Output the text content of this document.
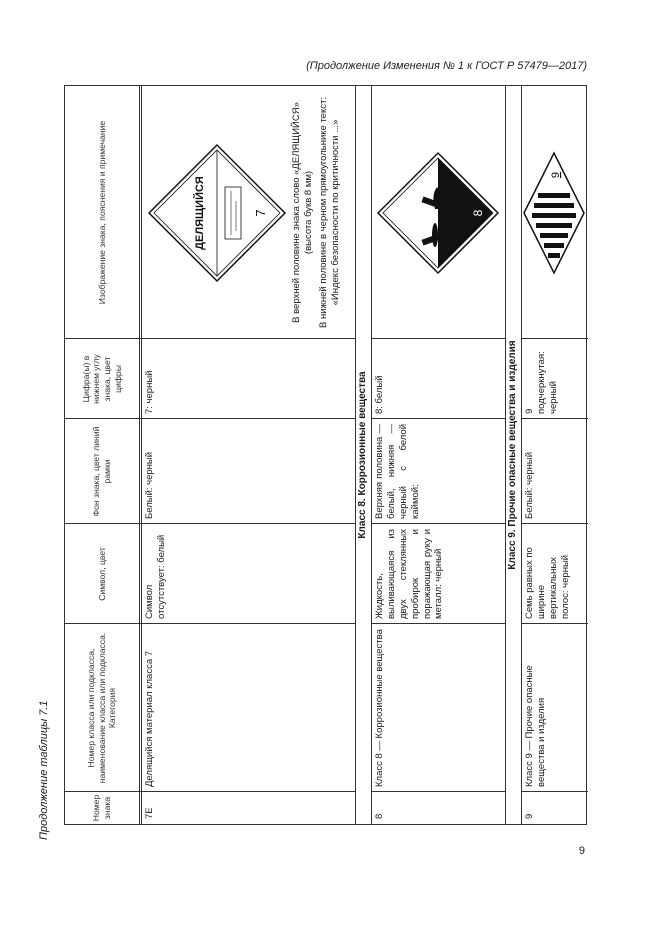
(Продолжение Изменения № 1 к ГОСТ Р 57479—2017)
Продолжение таблицы 7.1
9
Номер знака
Номер класса или подкласса, наименование класса или подкласса. Категория
Символ, цвет
Фон знака, цвет линий рамки
Цифра(ы) в нижнем углу знака, цвет цифры
Изображение знака, пояснения и примечание
7Е
Делящийся материал класса 7
Символ отсутствует: белый
Белый: черный
7: черный
ДЕЛЯЩИЙСЯ	7 В верхней половине знака слово «ДЕЛЯЩИЙСЯ» (высота букв 8 мм) В нижней половине в черном прямоугольнике текст: «Индекс безопасности по критичности ...»
Класс 8. Коррозионные вещества
8
Класс 8 — Коррозионные вещества
Жидкость, выливающаяся из двух стеклянных пробирок и поражающая руку и металл: черный
Верхняя половина — белый, нижняя — черный с белой каймой:
8: белый
8
Класс 9. Прочие опасные вещества и изделия
9
Класс 9 — Прочие опасные вещества и изделия
Семь равных по ширине вертикальных полос: черный
Белый: черный
9 подчеркнутая: черный
9
